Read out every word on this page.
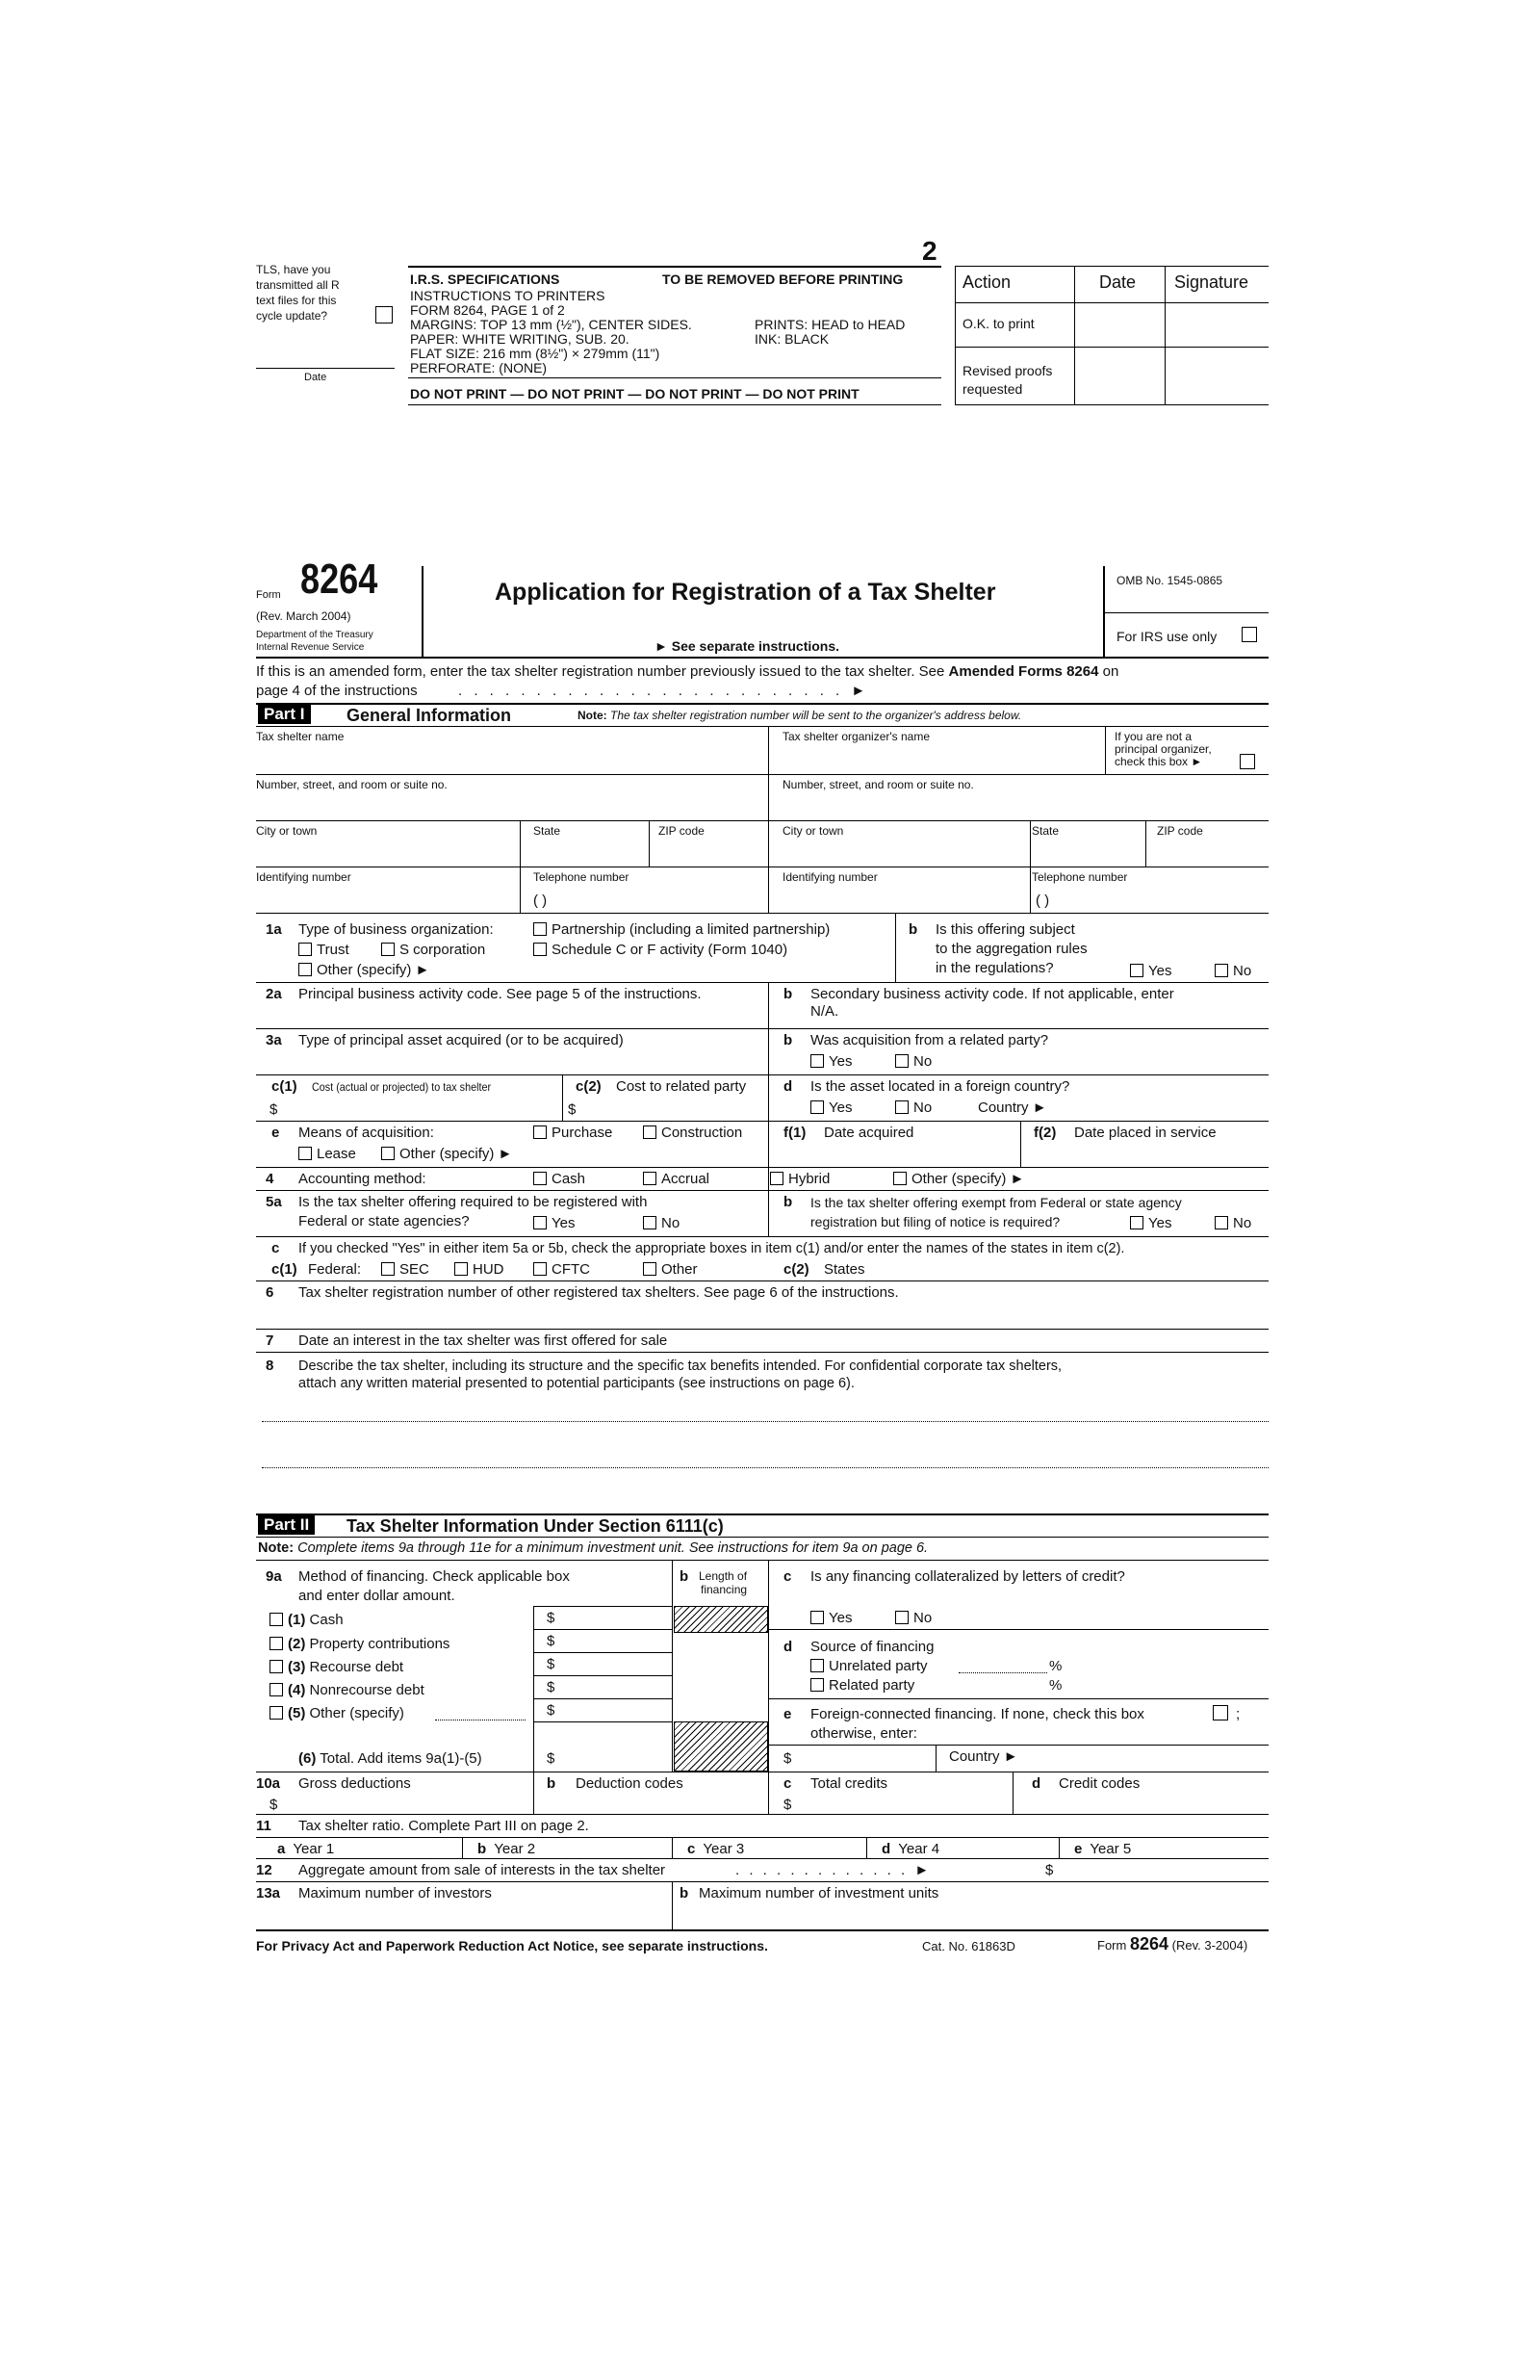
TLS, have you
transmitted all R
text files for this
cycle update?
Date
2
I.R.S. SPECIFICATIONS	TO BE REMOVED BEFORE PRINTING
INSTRUCTIONS TO PRINTERS
FORM 8264, PAGE 1 of 2
MARGINS: TOP 13 mm (½"), CENTER SIDES.
PAPER: WHITE WRITING, SUB. 20.
FLAT SIZE: 216 mm (8½") × 279mm (11")
PERFORATE: (NONE)
PRINTS: HEAD to HEAD
INK: BLACK
DO NOT PRINT — DO NOT PRINT — DO NOT PRINT — DO NOT PRINT
Action	Date Signature
O.K. to print
Revised proofs requested
Form 8264
(Rev. March 2004)
Department of the Treasury
Internal Revenue Service
Application for Registration of a Tax Shelter
► See separate instructions.
OMB No. 1545-0865
For IRS use only
If this is an amended form, enter the tax shelter registration number previously issued to the tax shelter. See Amended Forms 8264 on
page 4 of the instructions	. . . . . . . . . . . . . . . . . . . . . . . . . ►
Part I	General Information	Note: The tax shelter registration number will be sent to the organizer's address below.
Tax shelter name	Tax shelter organizer's name	If you are not a
principal organizer,
check this box ►
Number, street, and room or suite no.	Number, street, and room or suite no.
City or town	State	ZIP code	City or town	State	ZIP code
Identifying number	Telephone number
( )
Identifying number	Telephone number
( )
1a Type of business organization:	Partnership (including a limited partnership)
Trust	S corporation	Schedule C or F activity (Form 1040)
Other (specify) ►
b Is this offering subject
to the aggregation rules
in the regulations?	Yes	No
2a Principal business activity code. See page 5 of the instructions.	b Secondary business activity code. If not applicable, enter
N/A.
3a Type of principal asset acquired (or to be acquired)	b Was acquisition from a related party?
Yes	No
c(1) Cost (actual or projected) to tax shelter
$
c(2) Cost to related party
$
d Is the asset located in a foreign country?
Yes	No	Country ►
e Means of acquisition:	Purchase	Construction
Lease	Other (specify) ►
f(1) Date acquired	f(2) Date placed in service
4 Accounting method:	Cash	Accrual	Hybrid	Other (specify) ►
5a Is the tax shelter offering required to be registered with
Federal or state agencies?	Yes	No
b Is the tax shelter offering exempt from Federal or state agency
registration but filing of notice is required?	Yes	No
c If you checked "Yes" in either item 5a or 5b, check the appropriate boxes in item c(1) and/or enter the names of the states in item c(2).
c(1) Federal:	SEC	HUD	CFTC	Other	c(2) States
6 Tax shelter registration number of other registered tax shelters. See page 6 of the instructions.
7 Date an interest in the tax shelter was first offered for sale
8 Describe the tax shelter, including its structure and the specific tax benefits intended. For confidential corporate tax shelters,
attach any written material presented to potential participants (see instructions on page 6).
Part II	Tax Shelter Information Under Section 6111(c)
Note: Complete items 9a through 11e for a minimum investment unit. See instructions for item 9a on page 6.
9a Method of financing. Check applicable box
and enter dollar amount.
b Length of
financing
(1) Cash	$
(2) Property contributions	$
(3) Recourse debt	$
(4) Nonrecourse debt	$
(5) Other (specify)	$
(6) Total. Add items 9a(1)-(5)	$
c Is any financing collateralized by letters of credit?
Yes	No
d Source of financing
Unrelated party	%
Related party	%
e Foreign-connected financing. If none, check this box	;
otherwise, enter:
$	Country ►
10a Gross deductions
$
b Deduction codes	c Total credits
$
d Credit codes
11 Tax shelter ratio. Complete Part III on page 2.
a Year 1	b Year 2	c Year 3	d Year 4	e Year 5
12 Aggregate amount from sale of interests in the tax shelter	. . . . . . . . . . . . . ►	$
13a Maximum number of investors	b Maximum number of investment units
For Privacy Act and Paperwork Reduction Act Notice, see separate instructions.	Cat. No. 61863D	Form 8264 (Rev. 3-2004)
